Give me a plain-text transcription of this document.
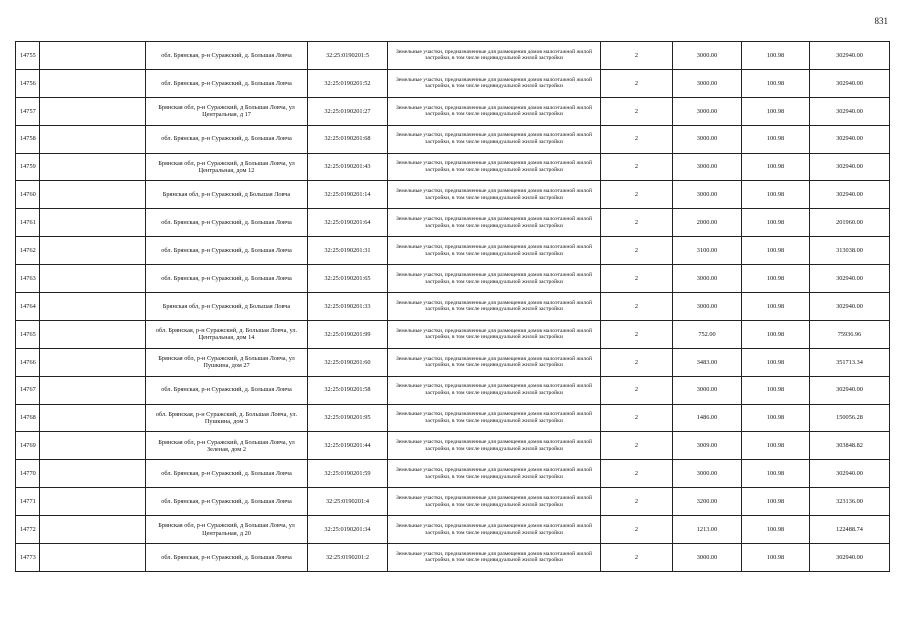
831
14755		обл. Брянская, р-н Суражский, д. Большая Ловча	32:25:0190201:5	Земельные участки, предназначенные для размещения домов малоэтажной жилой застройки, в том числе индивидуальной жилой застройки	2	3000.00	100.98	302940.00
14756		обл. Брянская, р-н Суражский, д. Большая Ловча	32:25:0190201:52	Земельные участки, предназначенные для размещения домов малоэтажной жилой застройки, в том числе индивидуальной жилой застройки	2	3000.00	100.98	302940.00
14757		Брянская обл, р-н Суражский, д Большая Ловча, ул Центральная, д 17	32:25:0190201:27	Земельные участки, предназначенные для размещения домов малоэтажной жилой застройки, в том числе индивидуальной жилой застройки	2	3000.00	100.98	302940.00
14758		обл. Брянская, р-н Суражский, д. Большая Ловча	32:25:0190201:68	Земельные участки, предназначенные для размещения домов малоэтажной жилой застройки, в том числе индивидуальной жилой застройки	2	3000.00	100.98	302940.00
14759		Брянская обл, р-н Суражский, д Большая Ловча, ул Центральная, дом 12	32:25:0190201:43	Земельные участки, предназначенные для размещения домов малоэтажной жилой застройки, в том числе индивидуальной жилой застройки	2	3000.00	100.98	302940.00
14760		Брянская обл, р-н Суражский, д Большая Ловча	32:25:0190201:14	Земельные участки, предназначенные для размещения домов малоэтажной жилой застройки, в том числе индивидуальной жилой застройки	2	3000.00	100.98	302940.00
14761		обл. Брянская, р-н Суражский, д. Большая Ловча	32:25:0190201:64	Земельные участки, предназначенные для размещения домов малоэтажной жилой застройки, в том числе индивидуальной жилой застройки	2	2000.00	100.98	201960.00
14762		обл. Брянская, р-н Суражский, д. Большая Ловча	32:25:0190201:31	Земельные участки, предназначенные для размещения домов малоэтажной жилой застройки, в том числе индивидуальной жилой застройки	2	3100.00	100.98	313038.00
14763		обл. Брянская, р-н Суражский, д. Большая Ловча	32:25:0190201:65	Земельные участки, предназначенные для размещения домов малоэтажной жилой застройки, в том числе индивидуальной жилой застройки	2	3000.00	100.98	302940.00
14764		Брянская обл, р-н Суражский, д Большая Ловча	32:25:0190201:33	Земельные участки, предназначенные для размещения домов малоэтажной жилой застройки, в том числе индивидуальной жилой застройки	2	3000.00	100.98	302940.00
14765		обл. Брянская, р-н Суражский, д. Большая Ловча, ул. Центральная, дом 14	32:25:0190201:99	Земельные участки, предназначенные для размещения домов малоэтажной жилой застройки, в том числе индивидуальной жилой застройки	2	752.00	100.98	75936.96
14766		Брянская обл, р-н Суражский, д Большая Ловча, ул Пушкина, дом 27	32:25:0190201:60	Земельные участки, предназначенные для размещения домов малоэтажной жилой застройки, в том числе индивидуальной жилой застройки	2	3483.00	100.98	351713.34
14767		обл. Брянская, р-н Суражский, д. Большая Ловча	32:25:0190201:58	Земельные участки, предназначенные для размещения домов малоэтажной жилой застройки, в том числе индивидуальной жилой застройки	2	3000.00	100.98	302940.00
14768		обл. Брянская, р-н Суражский, д. Большая Ловча, ул. Пушкина, дом 3	32:25:0190201:95	Земельные участки, предназначенные для размещения домов малоэтажной жилой застройки, в том числе индивидуальной жилой застройки	2	1486.00	100.98	150056.28
14769		Брянская обл, р-н Суражский, д Большая Ловча, ул Зеленая, дом 2	32:25:0190201:44	Земельные участки, предназначенные для размещения домов малоэтажной жилой застройки, в том числе индивидуальной жилой застройки	2	3009.00	100.98	303848.82
14770		обл. Брянская, р-н Суражский, д. Большая Ловча	32:25:0190201:59	Земельные участки, предназначенные для размещения домов малоэтажной жилой застройки, в том числе индивидуальной жилой застройки	2	3000.00	100.98	302940.00
14771		обл. Брянская, р-н Суражский, д. Большая Ловча	32:25:0190201:4	Земельные участки, предназначенные для размещения домов малоэтажной жилой застройки, в том числе индивидуальной жилой застройки	2	3200.00	100.98	323136.00
14772		Брянская обл, р-н Суражский, д Большая Ловча, ул Центральная, д 20	32:25:0190201:34	Земельные участки, предназначенные для размещения домов малоэтажной жилой застройки, в том числе индивидуальной жилой застройки	2	1213.00	100.98	122488.74
14773		обл. Брянская, р-н Суражский, д. Большая Ловча	32:25:0190201:2	Земельные участки, предназначенные для размещения домов малоэтажной жилой застройки, в том числе индивидуальной жилой застройки	2	3000.00	100.98	302940.00
